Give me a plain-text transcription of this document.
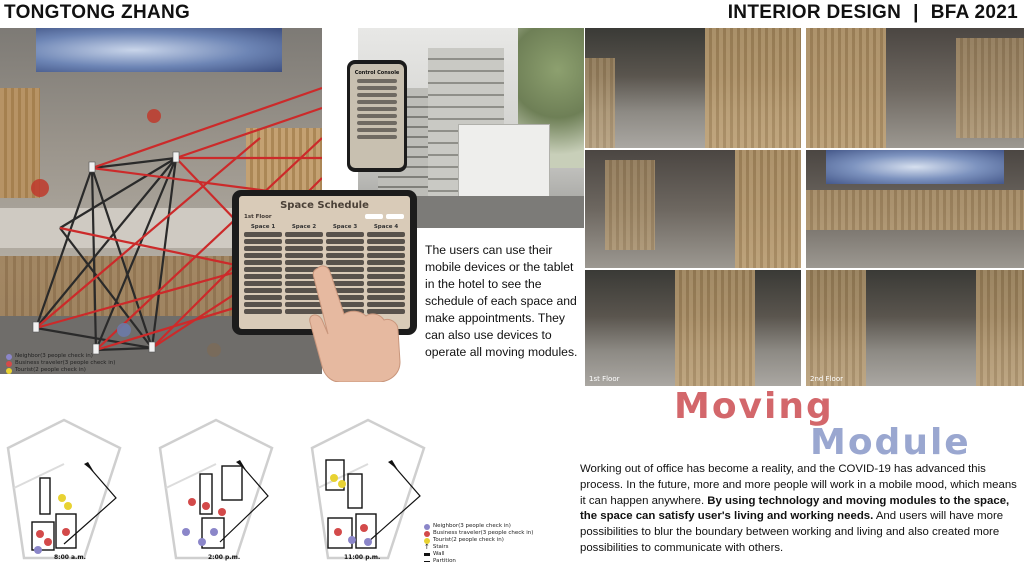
TONGTONG ZHANG	INTERIOR DESIGN | BFA 2021
Neighbor(3 people check in)
Business traveler(3 people check in)
Tourist(2 people check in)
Control Console
Space Schedule
1st Floor
Space 1	Space 2	Space 3	Space 4
The users can use their mobile devices or the tablet in the hotel to see the schedule of each space and make appointments. They can also use devices to operate all moving modules.
1st Floor	2nd Floor
Moving
Module
Working out of office has become a reality, and the COVID-19 has advanced this process. In the future, more and more people will work in a mobile mood, which means it can happen anywhere. By using technology and moving modules to the space, the space can satisfy user's living and working needs. And users will have more possibilities to blur the boundary between working and living and also created more possibilities to communicate with others.
8:00 a.m.	2:00 p.m.	11:00 p.m.
Neighbor(3 people check in)
Business traveler(3 people check in)
Tourist(2 people check in)
↑ Stairs
Wall
Partition
